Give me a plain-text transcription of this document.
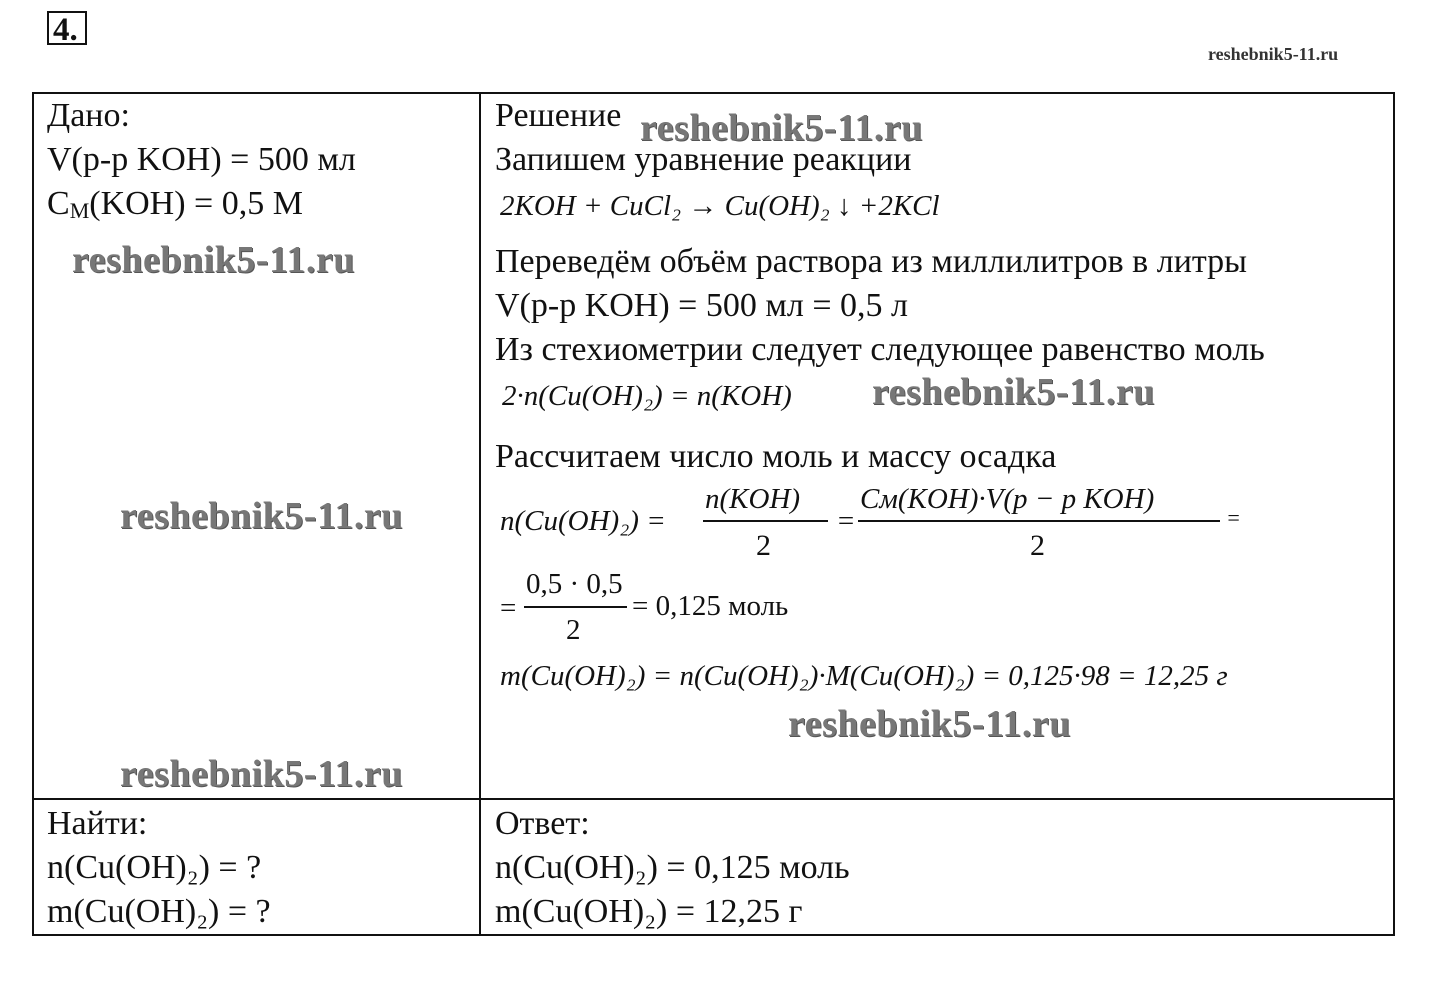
4.
reshebnik5-11.ru
Дано:
V(р-р KOH) = 500 мл
$C_М(KOH) = 0,5$ М
Найти:
n(Cu(OH)₂) = ?
m(Cu(OH)₂) = ?
Решение
Запишем уравнение реакции
2KOH + CuCl₂ → Cu(OH)₂ ↓ +2KCl
Переведём объём раствора из миллилитров в литры
V(р-р KOH) = 500 мл = 0,5 л
Из стехиометрии следует следующее равенство моль
2·n(Cu(OH)₂) = n(KOH)
Рассчитаем число моль и массу осадка
n(Cu(OH)₂) =
n(KOH)
2
=
Cм(KOH)·V(p − p KOH)
2
=
=
0,5 · 0,5
2
= 0,125 моль
m(Cu(OH)₂) = n(Cu(OH)₂)·M(Cu(OH)₂) = 0,125·98 = 12,25 г
Ответ:
n(Cu(OH)₂) = 0,125 моль
m(Cu(OH)₂) = 12,25 г
reshebnik5-11.ru
reshebnik5-11.ru
reshebnik5-11.ru
reshebnik5-11.ru
reshebnik5-11.ru
reshebnik5-11.ru
